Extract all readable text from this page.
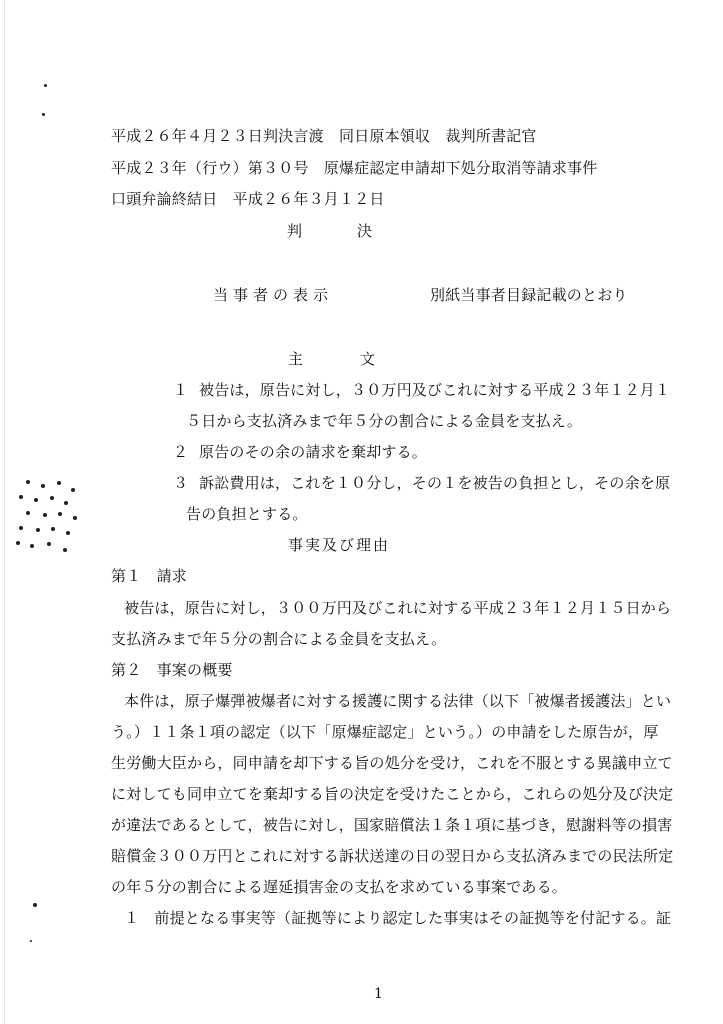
平成２６年４月２３日判決言渡　同日原本領収　裁判所書記官
平成２３年（行ウ）第３０号　原爆症認定申請却下処分取消等請求事件
口頭弁論終結日　平成２６年３月１２日
判	決
当事者の表示	別紙当事者目録記載のとおり
主	文
１ 被告は，原告に対し，３０万円及びこれに対する平成２３年１２月１
５日から支払済みまで年５分の割合による金員を支払え。
２ 原告のその余の請求を棄却する。
３ 訴訟費用は，これを１０分し，その１を被告の負担とし，その余を原
告の負担とする。
事実及び理由
第１　請求
被告は，原告に対し，３００万円及びこれに対する平成２３年１２月１５日から
支払済みまで年５分の割合による金員を支払え。
第２　事案の概要
本件は，原子爆弾被爆者に対する援護に関する法律（以下「被爆者援護法」とい
う。）１１条１項の認定（以下「原爆症認定」という。）の申請をした原告が，厚
生労働大臣から，同申請を却下する旨の処分を受け，これを不服とする異議申立て
に対しても同申立てを棄却する旨の決定を受けたことから，これらの処分及び決定
が違法であるとして，被告に対し，国家賠償法１条１項に基づき，慰謝料等の損害
賠償金３００万円とこれに対する訴状送達の日の翌日から支払済みまでの民法所定
の年５分の割合による遅延損害金の支払を求めている事案である。
１　前提となる事実等（証拠等により認定した事実はその証拠等を付記する。証
1
